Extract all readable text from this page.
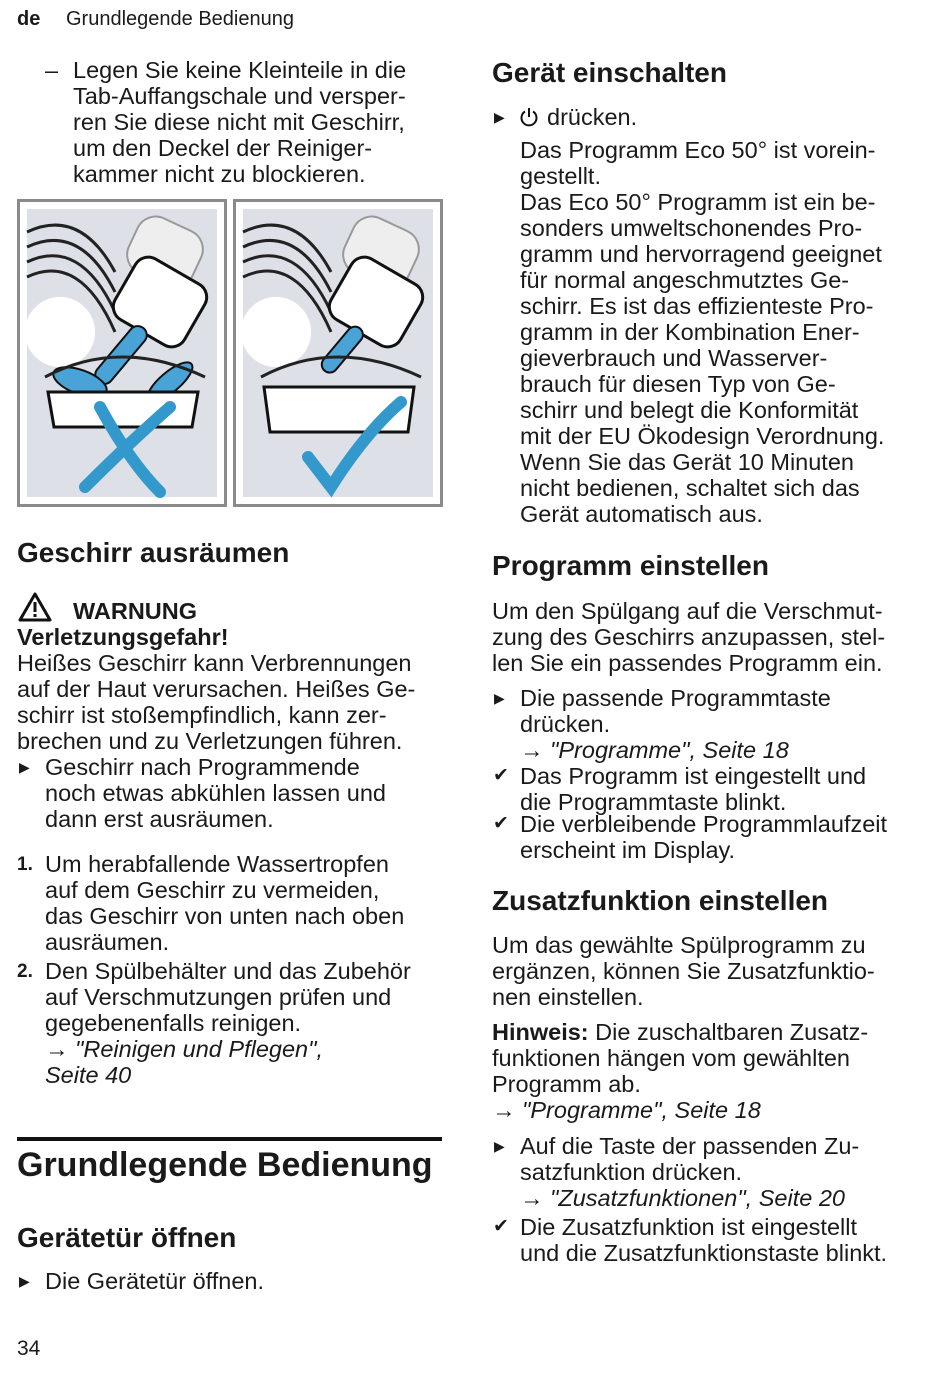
de Grundlegende Bedienung
– Legen Sie keine Kleinteile in die
Tab-Auffangschale und versper-
ren Sie diese nicht mit Geschirr,
um den Deckel der Reiniger-
kammer nicht zu blockieren.
Geschirr ausräumen
WARNUNG
Verletzungsgefahr!
Heißes Geschirr kann Verbrennungen
auf der Haut verursachen. Heißes Ge-
schirr ist stoßempfindlich, kann zer-
brechen und zu Verletzungen führen.
▶ Geschirr nach Programmende
noch etwas abkühlen lassen und
dann erst ausräumen.
1. Um herabfallende Wassertropfen
auf dem Geschirr zu vermeiden,
das Geschirr von unten nach oben
ausräumen.
2. Den Spülbehälter und das Zubehör
auf Verschmutzungen prüfen und
gegebenenfalls reinigen.
→ "Reinigen und Pflegen",
Seite 40
Grundlegende Bedienung
Gerätetür öffnen
▶ Die Gerätetür öffnen.
34
Gerät einschalten
▶ drücken.
Das Programm Eco 50° ist vorein-
gestellt.
Das Eco 50° Programm ist ein be-
sonders umweltschonendes Pro-
gramm und hervorragend geeignet
für normal angeschmutztes Ge-
schirr. Es ist das effizienteste Pro-
gramm in der Kombination Ener-
gieverbrauch und Wasserver-
brauch für diesen Typ von Ge-
schirr und belegt die Konformität
mit der EU Ökodesign Verordnung.
Wenn Sie das Gerät 10 Minuten
nicht bedienen, schaltet sich das
Gerät automatisch aus.
Programm einstellen
Um den Spülgang auf die Verschmut-
zung des Geschirrs anzupassen, stel-
len Sie ein passendes Programm ein.
▶ Die passende Programmtaste
drücken.
→ "Programme", Seite 18
✔ Das Programm ist eingestellt und
die Programmtaste blinkt.
✔ Die verbleibende Programmlaufzeit
erscheint im Display.
Zusatzfunktion einstellen
Um das gewählte Spülprogramm zu
ergänzen, können Sie Zusatzfunktio-
nen einstellen.
Hinweis: Die zuschaltbaren Zusatz-
funktionen hängen vom gewählten
Programm ab.
→ "Programme", Seite 18
▶ Auf die Taste der passenden Zu-
satzfunktion drücken.
→ "Zusatzfunktionen", Seite 20
✔ Die Zusatzfunktion ist eingestellt
und die Zusatzfunktionstaste blinkt.
